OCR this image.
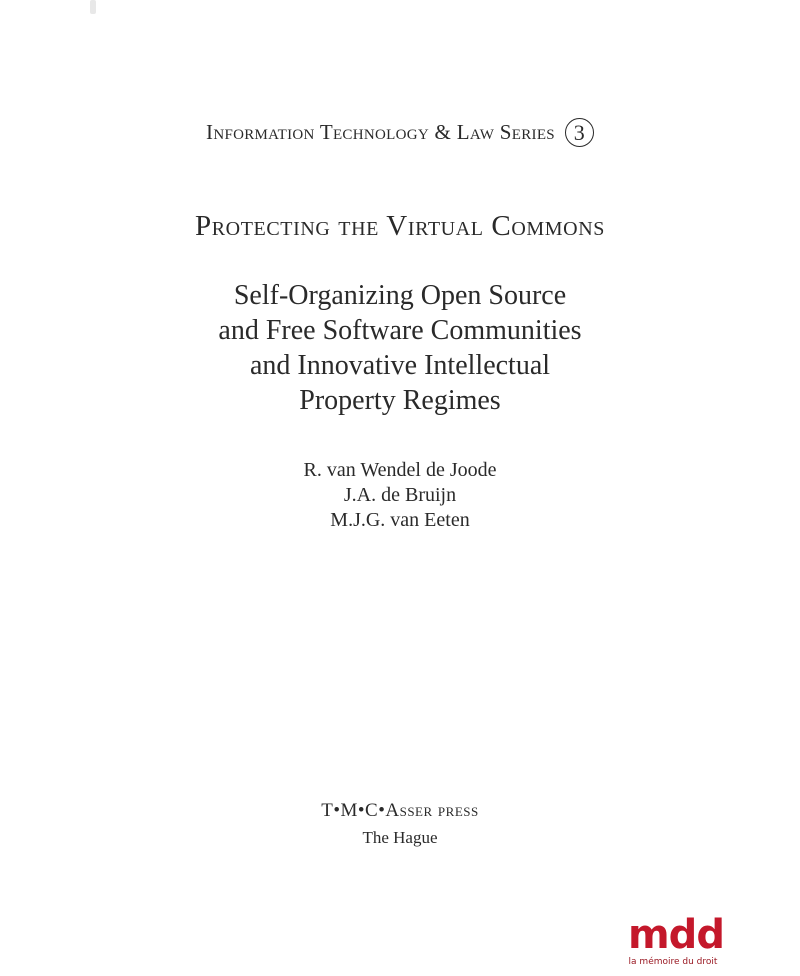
Information Technology & Law Series 3
Protecting the Virtual Commons
Self-Organizing Open Source
and Free Software Communities
and Innovative Intellectual
Property Regimes
R. van Wendel de Joode
J.A. de Bruijn
M.J.G. van Eeten
T•M•C•Asser press
The Hague
mdd
la mémoire du droit
